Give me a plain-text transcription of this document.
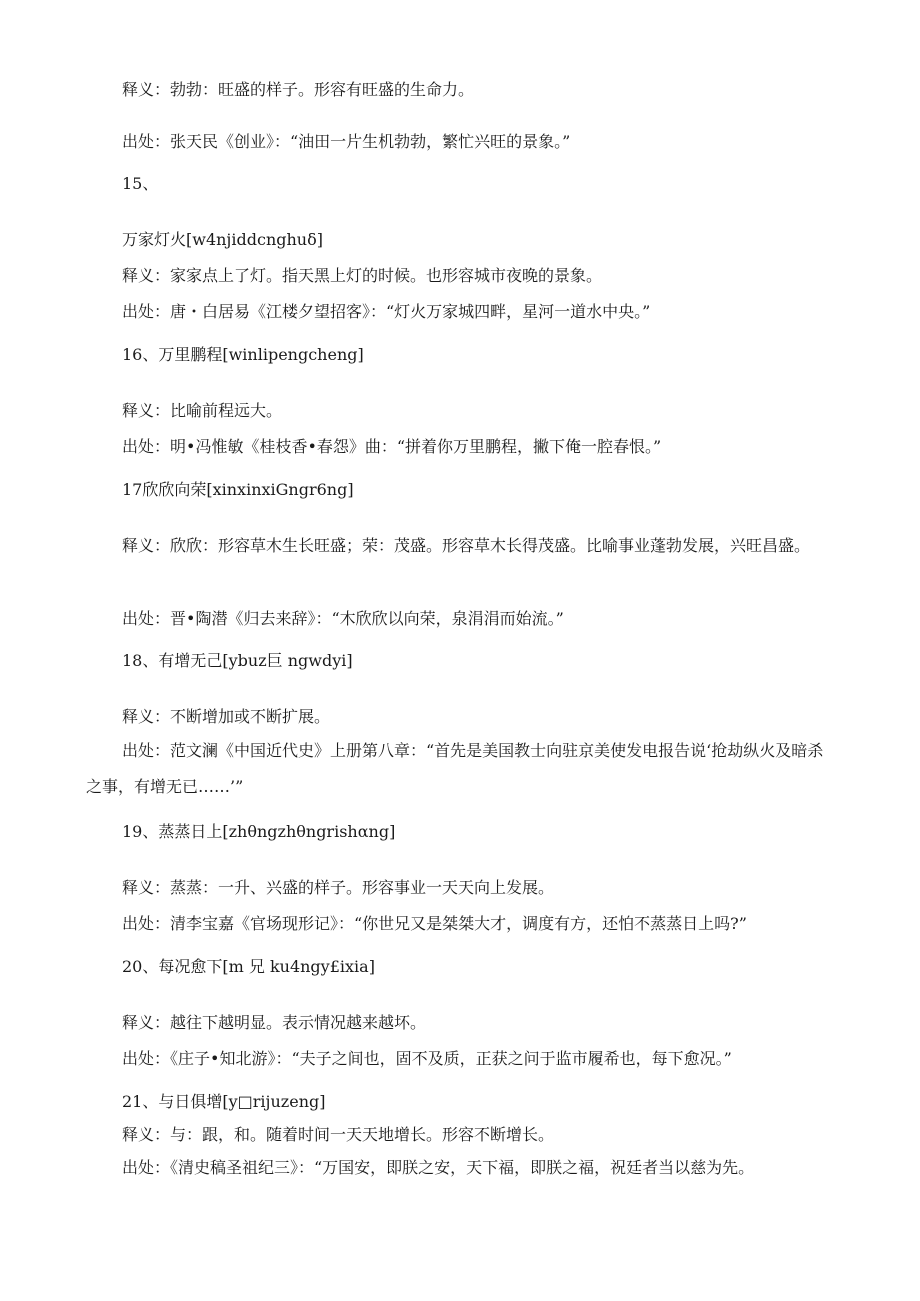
释义：勃勃：旺盛的样子。形容有旺盛的生命力。
出处：张天民《创业》：“油田一片生机勃勃，繁忙兴旺的景象。”
15、
万家灯火[w4njiddcnghuδ]
释义：家家点上了灯。指天黑上灯的时候。也形容城市夜晚的景象。
出处：唐・白居易《江楼夕望招客》：“灯火万家城四畔，星河一道水中央。”
16、万里鹏程[winlipengcheng]
释义：比喻前程远大。
出处：明•冯惟敏《桂枝香•春怨》曲：“拼着你万里鹏程，撇下俺一腔春恨。”
17欣欣向荣[xinxinxiGngr6ng]
释义：欣欣：形容草木生长旺盛；荣：茂盛。形容草木长得茂盛。比喻事业蓬勃发展，兴旺昌盛。
出处：晋•陶潜《归去来辞》：“木欣欣以向荣，泉涓涓而始流。”
18、有增无己[ybuz巨 ngwdyi]
释义：不断增加或不断扩展。
出处：范文澜《中国近代史》上册第八章：“首先是美国教士向驻京美使发电报告说‘抢劫纵火及暗杀之事，有增无已……’”
19、蒸蒸日上[zhθngzhθngrishαng]
释义：蒸蒸：一升、兴盛的样子。形容事业一天天向上发展。
出处：清李宝嘉《官场现形记》：“你世兄又是桀桀大才，调度有方，还怕不蒸蒸日上吗?”
20、每况愈下[m 兄 ku4ngy£ixia]
释义：越往下越明显。表示情况越来越坏。
出处：《庄子•知北游》：“夫子之间也，固不及质，正获之问于监市履希也，每下愈况。”
21、与日俱增[y□rijuzeng]
释义：与：跟，和。随着时间一天天地增长。形容不断增长。
出处：《清史稿圣祖纪三》：“万国安，即朕之安，天下福，即朕之福，祝廷者当以慈为先。
